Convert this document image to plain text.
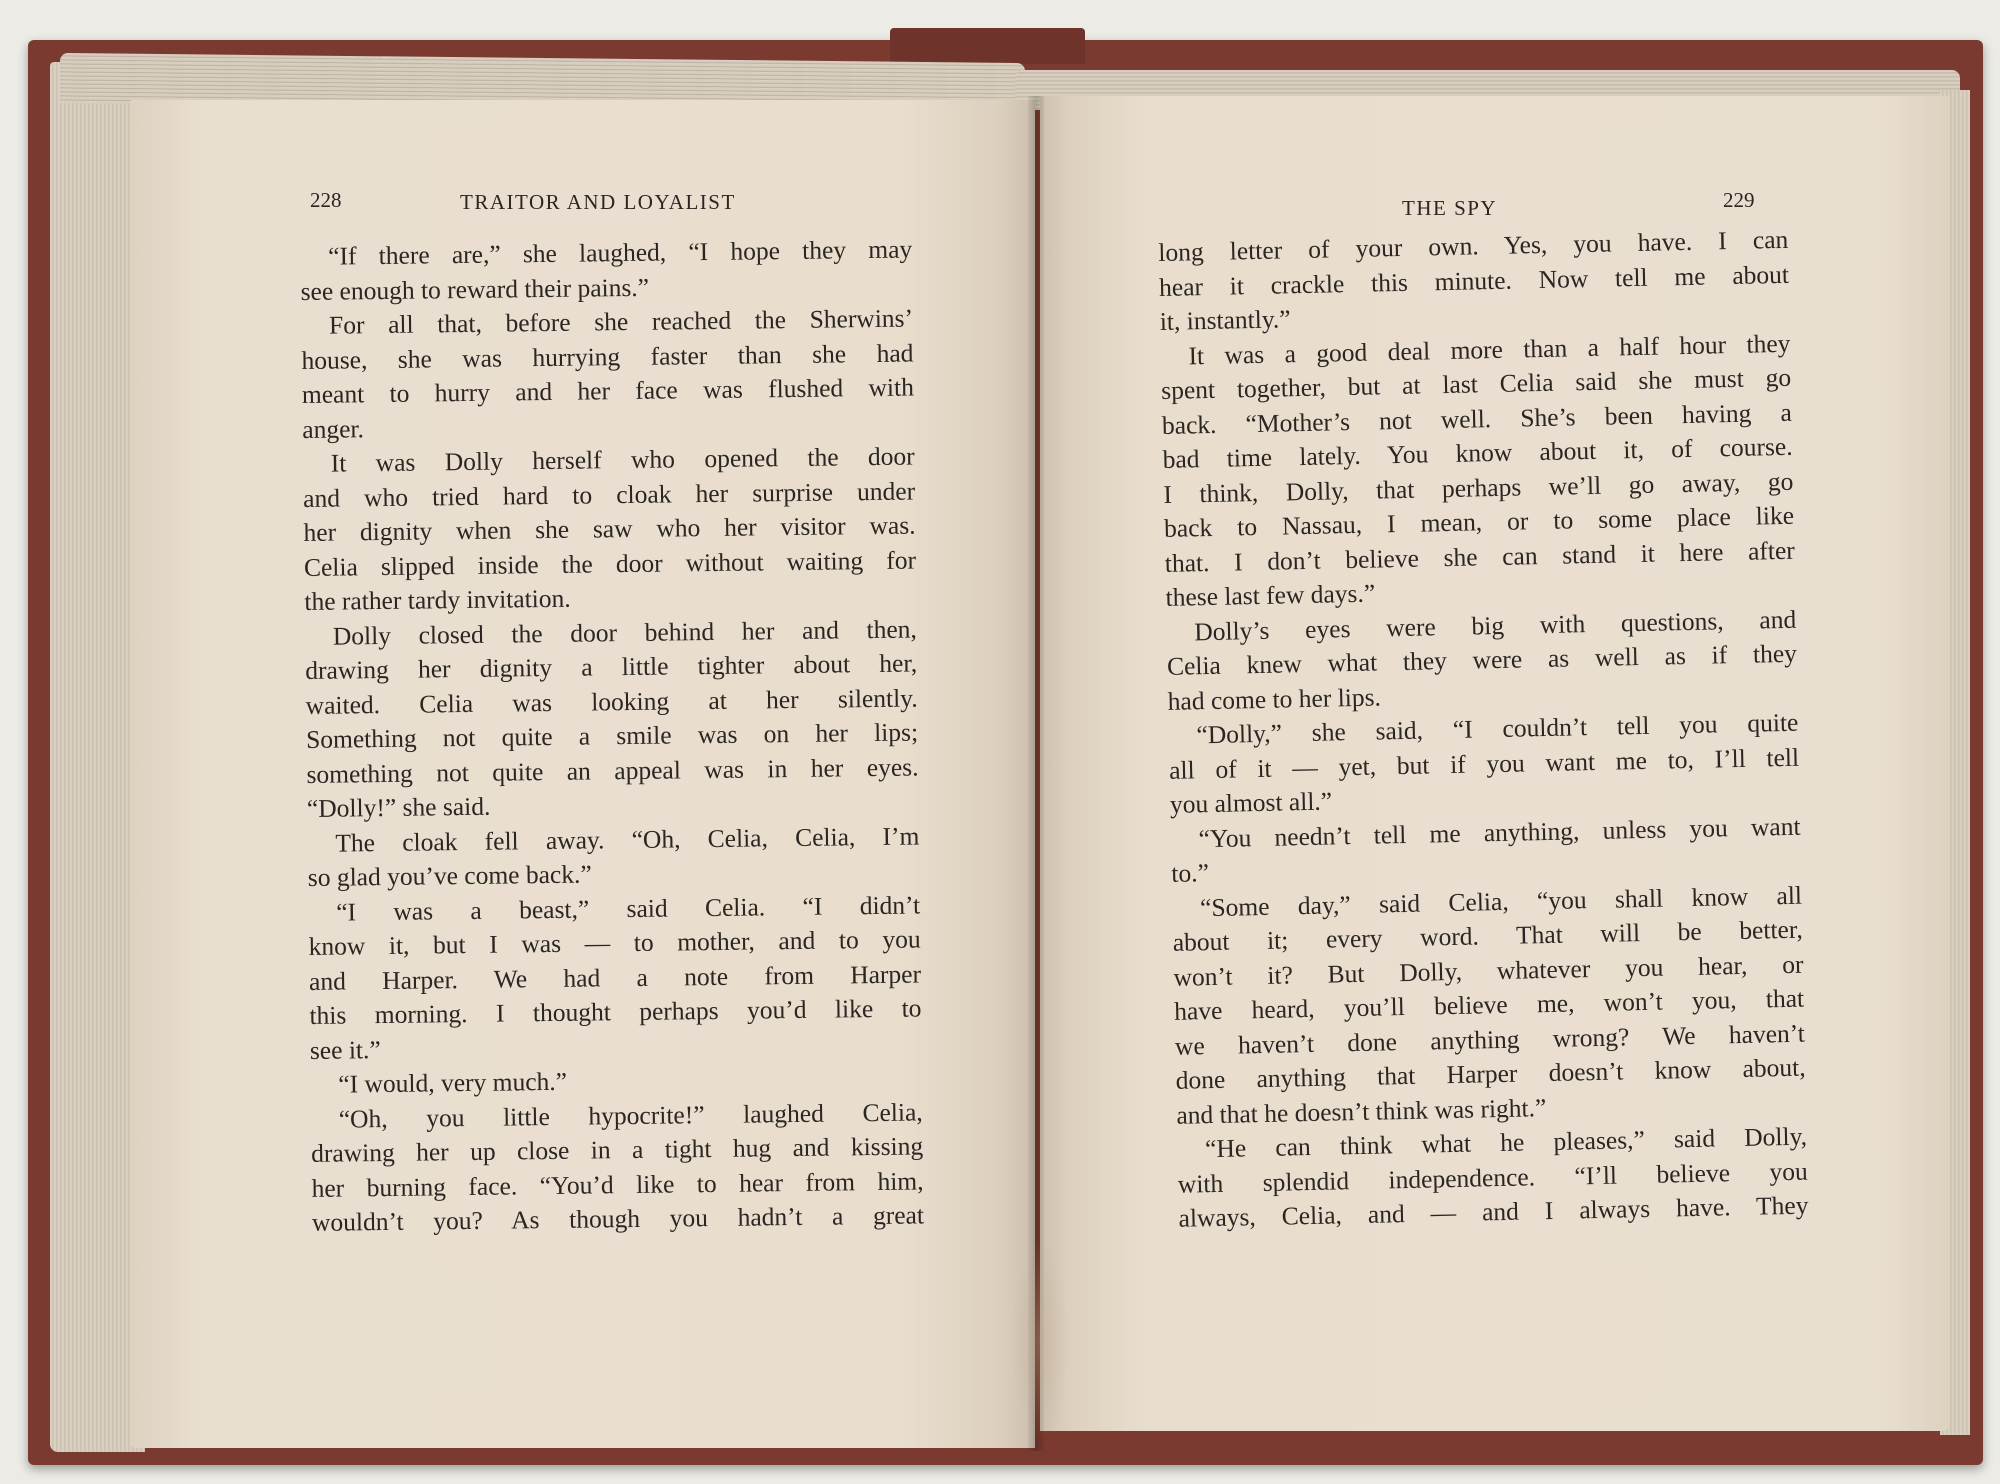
228	TRAITOR AND LOYALIST	THE SPY	229
“If there are,” she laughed, “I hope they may
see enough to reward their pains.”
For all that, before she reached the Sherwins’
house, she was hurrying faster than she had
meant to hurry and her face was flushed with
anger.
It was Dolly herself who opened the door
and who tried hard to cloak her surprise under
her dignity when she saw who her visitor was.
Celia slipped inside the door without waiting for
the rather tardy invitation.
Dolly closed the door behind her and then,
drawing her dignity a little tighter about her,
waited. Celia was looking at her silently.
Something not quite a smile was on her lips;
something not quite an appeal was in her eyes.
“Dolly!” she said.
The cloak fell away. “Oh, Celia, Celia, I’m
so glad you’ve come back.”
“I was a beast,” said Celia. “I didn’t
know it, but I was — to mother, and to you
and Harper. We had a note from Harper
this morning. I thought perhaps you’d like to
see it.”
“I would, very much.”
“Oh, you little hypocrite!” laughed Celia,
drawing her up close in a tight hug and kissing
her burning face. “You’d like to hear from him,
wouldn’t you? As though you hadn’t a great
long letter of your own. Yes, you have. I can
hear it crackle this minute. Now tell me about
it, instantly.”
It was a good deal more than a half hour they
spent together, but at last Celia said she must go
back. “Mother’s not well. She’s been having a
bad time lately. You know about it, of course.
I think, Dolly, that perhaps we’ll go away, go
back to Nassau, I mean, or to some place like
that. I don’t believe she can stand it here after
these last few days.”
Dolly’s eyes were big with questions, and
Celia knew what they were as well as if they
had come to her lips.
“Dolly,” she said, “I couldn’t tell you quite
all of it — yet, but if you want me to, I’ll tell
you almost all.”
“You needn’t tell me anything, unless you want
to.”
“Some day,” said Celia, “you shall know all
about it; every word. That will be better,
won’t it? But Dolly, whatever you hear, or
have heard, you’ll believe me, won’t you, that
we haven’t done anything wrong? We haven’t
done anything that Harper doesn’t know about,
and that he doesn’t think was right.”
“He can think what he pleases,” said Dolly,
with splendid independence. “I’ll believe you
always, Celia, and — and I always have. They
